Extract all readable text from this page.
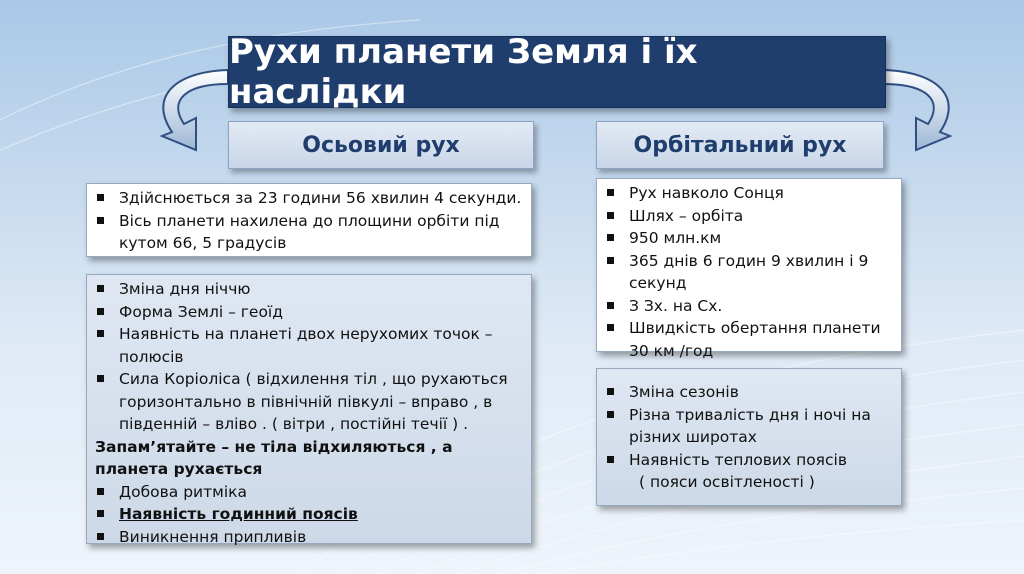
Рухи планети Земля і їх наслідки
Осьовий рух	Орбітальний рух
Здійснюється за 23 години 56 хвилин 4 секунди.
Вісь планети нахилена до площини орбіти під кутом 66, 5 градусів
Зміна дня ніччю
Форма Землі – геоїд
Наявність на планеті двох нерухомих точок – полюсів
Сила Коріоліса ( відхилення тіл , що рухаються горизонтально в північній півкулі – вправо , в південній – вліво . ( вітри , постійні течії ) .
Запам’ятайте – не тіла відхиляються , а планета рухається
Добова ритміка
Наявність годинний поясів
Виникнення припливів
Рух навколо Сонця
Шлях – орбіта
950 млн.км
365 днів 6 годин 9 хвилин і 9 секунд
З Зх. на Сх.
Швидкість обертання планети 30 км /год
Зміна сезонів
Різна тривалість дня і ночі на різних широтах
Наявність теплових поясів
( пояси освітленості )
